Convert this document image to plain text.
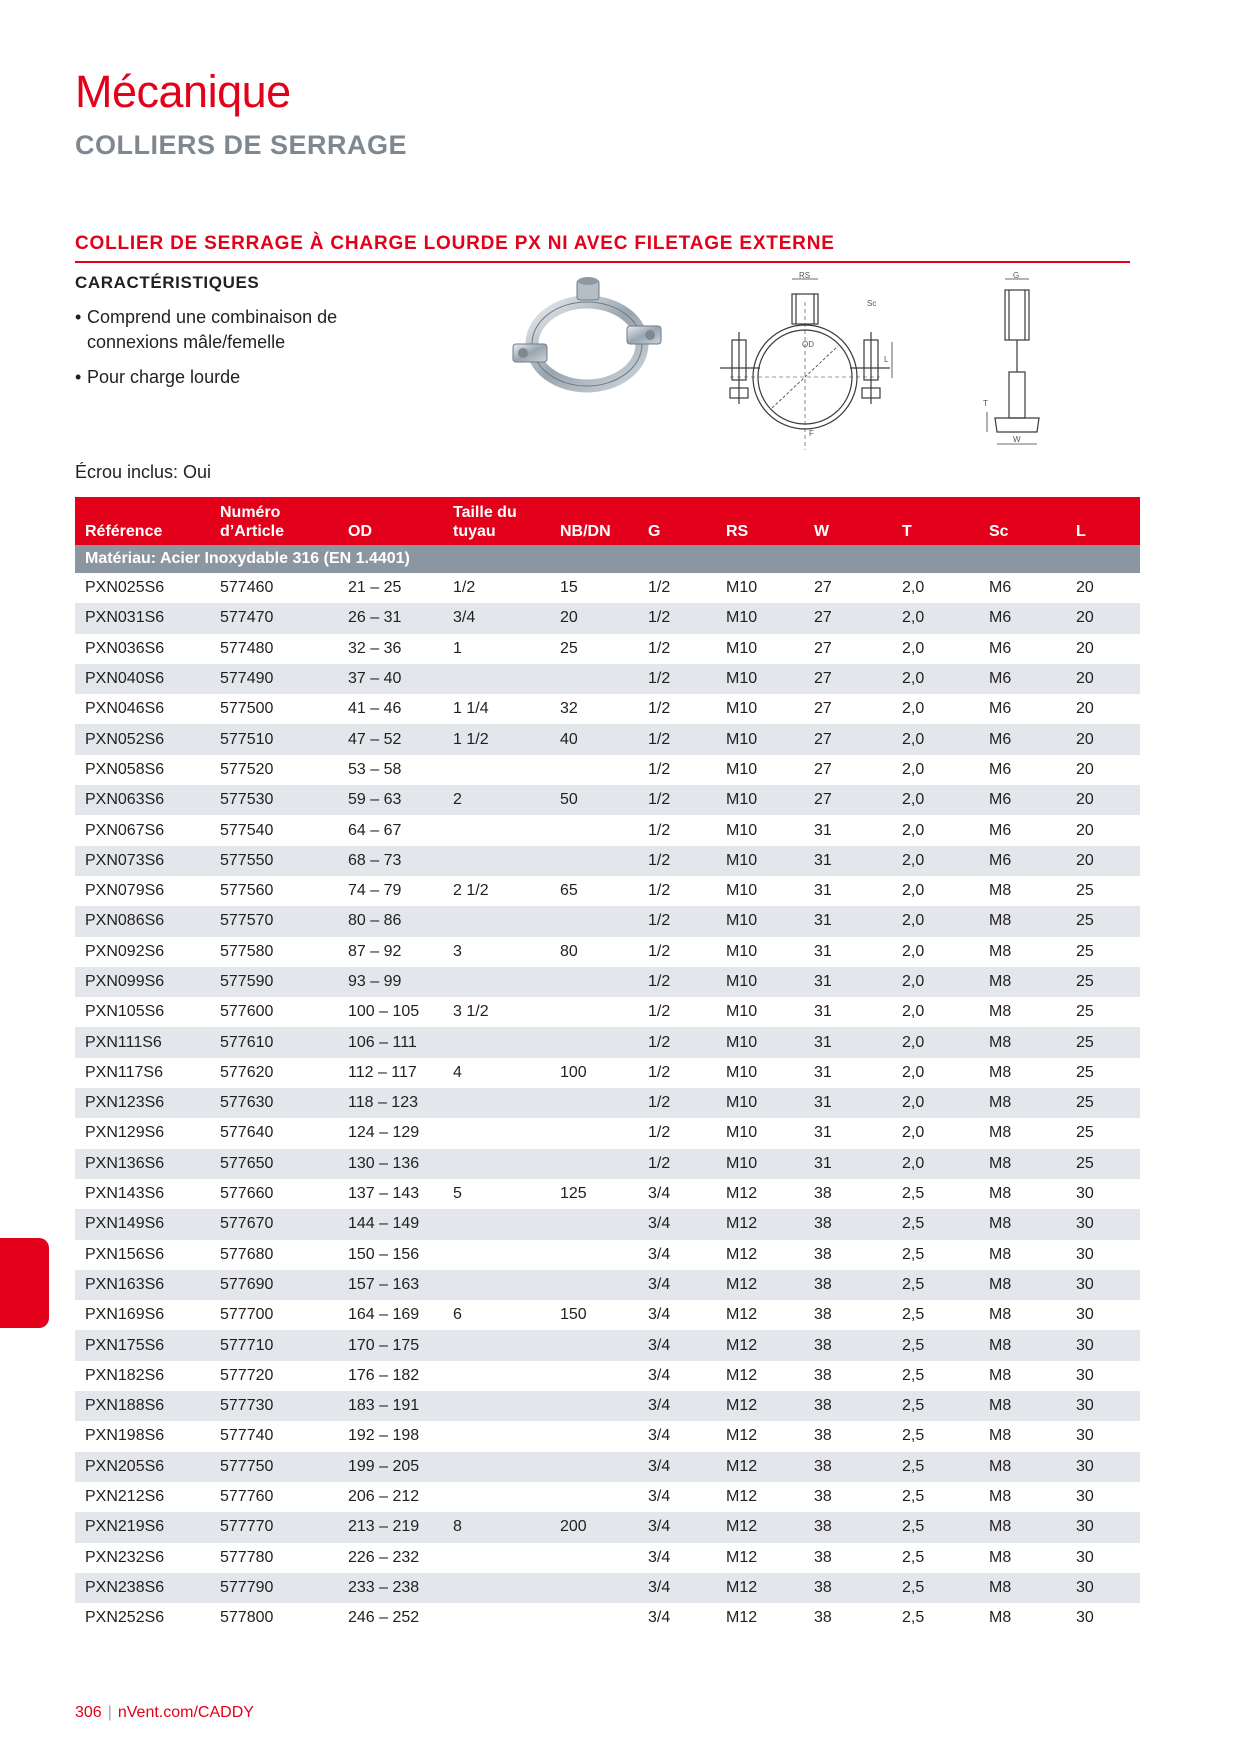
Mécanique
COLLIERS DE SERRAGE
COLLIER DE SERRAGE À CHARGE LOURDE PX NI AVEC FILETAGE EXTERNE
CARACTÉRISTIQUES
• Comprend une combinaison de connexions mâle/femelle
• Pour charge lourde
Écrou inclus: Oui
RS
Sc
OD
L
F
G
T
W
Référence	Numéro d’Article	OD	Taille du tuyau	NB/DN	G	RS	W	T	Sc	L
Matériau: Acier Inoxydable 316 (EN 1.4401)										
PXN025S6	577460	21 – 25	1/2	15	1/2	M10	27	2,0	M6	20
PXN031S6	577470	26 – 31	3/4	20	1/2	M10	27	2,0	M6	20
PXN036S6	577480	32 – 36	1	25	1/2	M10	27	2,0	M6	20
PXN040S6	577490	37 – 40			1/2	M10	27	2,0	M6	20
PXN046S6	577500	41 – 46	1 1/4	32	1/2	M10	27	2,0	M6	20
PXN052S6	577510	47 – 52	1 1/2	40	1/2	M10	27	2,0	M6	20
PXN058S6	577520	53 – 58			1/2	M10	27	2,0	M6	20
PXN063S6	577530	59 – 63	2	50	1/2	M10	27	2,0	M6	20
PXN067S6	577540	64 – 67			1/2	M10	31	2,0	M6	20
PXN073S6	577550	68 – 73			1/2	M10	31	2,0	M6	20
PXN079S6	577560	74 – 79	2 1/2	65	1/2	M10	31	2,0	M8	25
PXN086S6	577570	80 – 86			1/2	M10	31	2,0	M8	25
PXN092S6	577580	87 – 92	3	80	1/2	M10	31	2,0	M8	25
PXN099S6	577590	93 – 99			1/2	M10	31	2,0	M8	25
PXN105S6	577600	100 – 105	3 1/2		1/2	M10	31	2,0	M8	25
PXN111S6	577610	106 – 111			1/2	M10	31	2,0	M8	25
PXN117S6	577620	112 – 117	4	100	1/2	M10	31	2,0	M8	25
PXN123S6	577630	118 – 123			1/2	M10	31	2,0	M8	25
PXN129S6	577640	124 – 129			1/2	M10	31	2,0	M8	25
PXN136S6	577650	130 – 136			1/2	M10	31	2,0	M8	25
PXN143S6	577660	137 – 143	5	125	3/4	M12	38	2,5	M8	30
PXN149S6	577670	144 – 149			3/4	M12	38	2,5	M8	30
PXN156S6	577680	150 – 156			3/4	M12	38	2,5	M8	30
PXN163S6	577690	157 – 163			3/4	M12	38	2,5	M8	30
PXN169S6	577700	164 – 169	6	150	3/4	M12	38	2,5	M8	30
PXN175S6	577710	170 – 175			3/4	M12	38	2,5	M8	30
PXN182S6	577720	176 – 182			3/4	M12	38	2,5	M8	30
PXN188S6	577730	183 – 191			3/4	M12	38	2,5	M8	30
PXN198S6	577740	192 – 198			3/4	M12	38	2,5	M8	30
PXN205S6	577750	199 – 205			3/4	M12	38	2,5	M8	30
PXN212S6	577760	206 – 212			3/4	M12	38	2,5	M8	30
PXN219S6	577770	213 – 219	8	200	3/4	M12	38	2,5	M8	30
PXN232S6	577780	226 – 232			3/4	M12	38	2,5	M8	30
PXN238S6	577790	233 – 238			3/4	M12	38	2,5	M8	30
PXN252S6	577800	246 – 252			3/4	M12	38	2,5	M8	30
306 | nVent.com/CADDY
